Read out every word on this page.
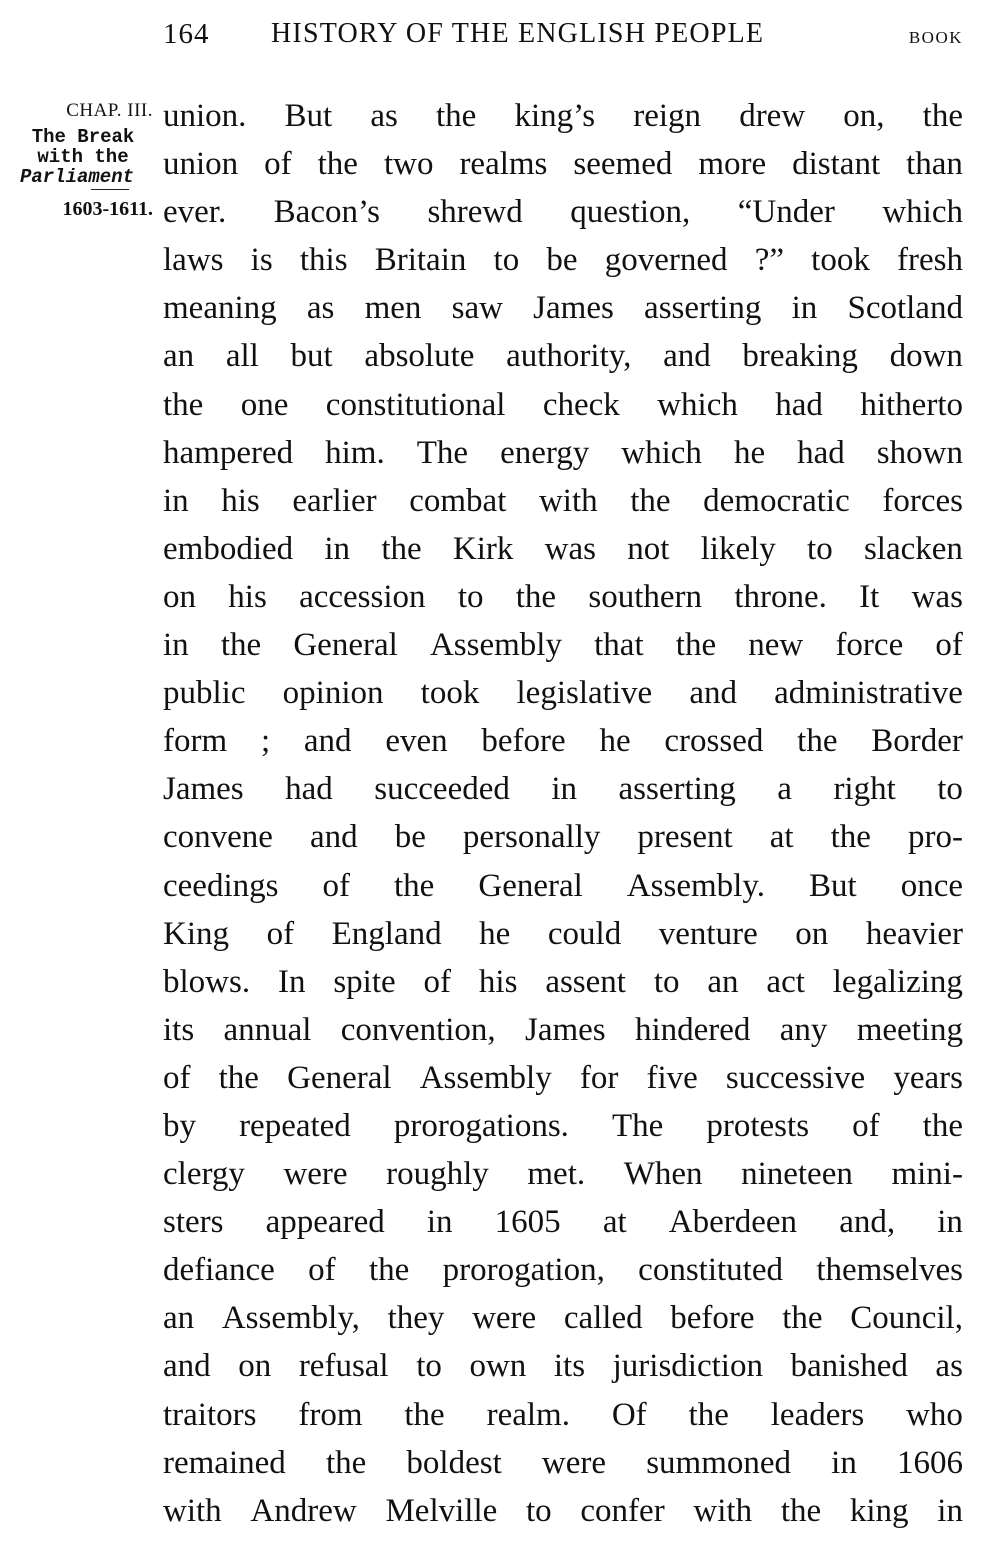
164 HISTORY OF THE ENGLISH PEOPLE	BOOK
CHAP. III.
The Break
with the
Parliament
1603-1611.
union. But as the king’s reign drew on, the
union of the two realms seemed more distant than
ever. Bacon’s shrewd question, “Under which
laws is this Britain to be governed ?” took fresh
meaning as men saw James asserting in Scotland
an all but absolute authority, and breaking down
the one constitutional check which had hitherto
hampered him. The energy which he had shown
in his earlier combat with the democratic forces
embodied in the Kirk was not likely to slacken
on his accession to the southern throne. It was
in the General Assembly that the new force of
public opinion took legislative and administrative
form ; and even before he crossed the Border
James had succeeded in asserting a right to
convene and be personally present at the pro-
ceedings of the General Assembly. But once
King of England he could venture on heavier
blows. In spite of his assent to an act legalizing
its annual convention, James hindered any meeting
of the General Assembly for five successive years
by repeated prorogations. The protests of the
clergy were roughly met. When nineteen mini-
sters appeared in 1605 at Aberdeen and, in
defiance of the prorogation, constituted themselves
an Assembly, they were called before the Council,
and on refusal to own its jurisdiction banished as
traitors from the realm. Of the leaders who
remained the boldest were summoned in 1606
with Andrew Melville to confer with the king in
